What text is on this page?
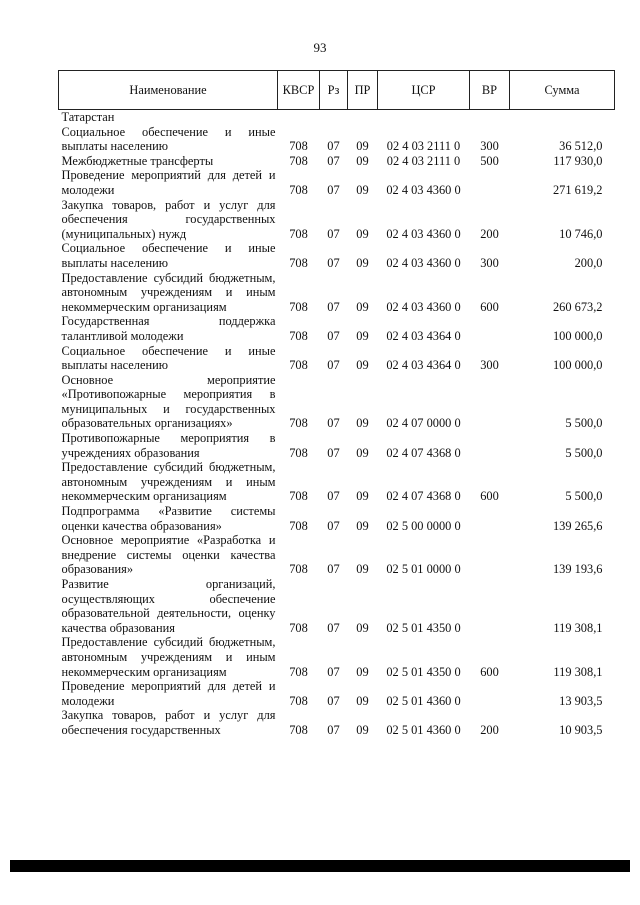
93
Наименование	КВСР	Рз	ПР	ЦСР	ВР	Сумма
Татарстан						
Социальное обеспечение и иные выплаты населению	708	07	09	02 4 03 2111 0	300	36 512,0
Межбюджетные трансферты	708	07	09	02 4 03 2111 0	500	117 930,0
Проведение мероприятий для детей и молодежи	708	07	09	02 4 03 4360 0		271 619,2
Закупка товаров, работ и услуг для обеспечения государственных (муниципальных) нужд	708	07	09	02 4 03 4360 0	200	10 746,0
Социальное обеспечение и иные выплаты населению	708	07	09	02 4 03 4360 0	300	200,0
Предоставление субсидий бюджетным, автономным учреждениям и иным некоммерческим организациям	708	07	09	02 4 03 4360 0	600	260 673,2
Государственная поддержка талантливой молодежи	708	07	09	02 4 03 4364 0		100 000,0
Социальное обеспечение и иные выплаты населению	708	07	09	02 4 03 4364 0	300	100 000,0
Основное мероприятие «Противопожарные мероприятия в муниципальных и государственных образовательных организациях»	708	07	09	02 4 07 0000 0		5 500,0
Противопожарные мероприятия в учреждениях образования	708	07	09	02 4 07 4368 0		5 500,0
Предоставление субсидий бюджетным, автономным учреждениям и иным некоммерческим организациям	708	07	09	02 4 07 4368 0	600	5 500,0
Подпрограмма «Развитие системы оценки качества образования»	708	07	09	02 5 00 0000 0		139 265,6
Основное мероприятие «Разработка и внедрение системы оценки качества образования»	708	07	09	02 5 01 0000 0		139 193,6
Развитие организаций, осуществляющих обеспечение образовательной деятельности, оценку качества образования	708	07	09	02 5 01 4350 0		119 308,1
Предоставление субсидий бюджетным, автономным учреждениям и иным некоммерческим организациям	708	07	09	02 5 01 4350 0	600	119 308,1
Проведение мероприятий для детей и молодежи	708	07	09	02 5 01 4360 0		13 903,5
Закупка товаров, работ и услуг для обеспечения государственных	708	07	09	02 5 01 4360 0	200	10 903,5
